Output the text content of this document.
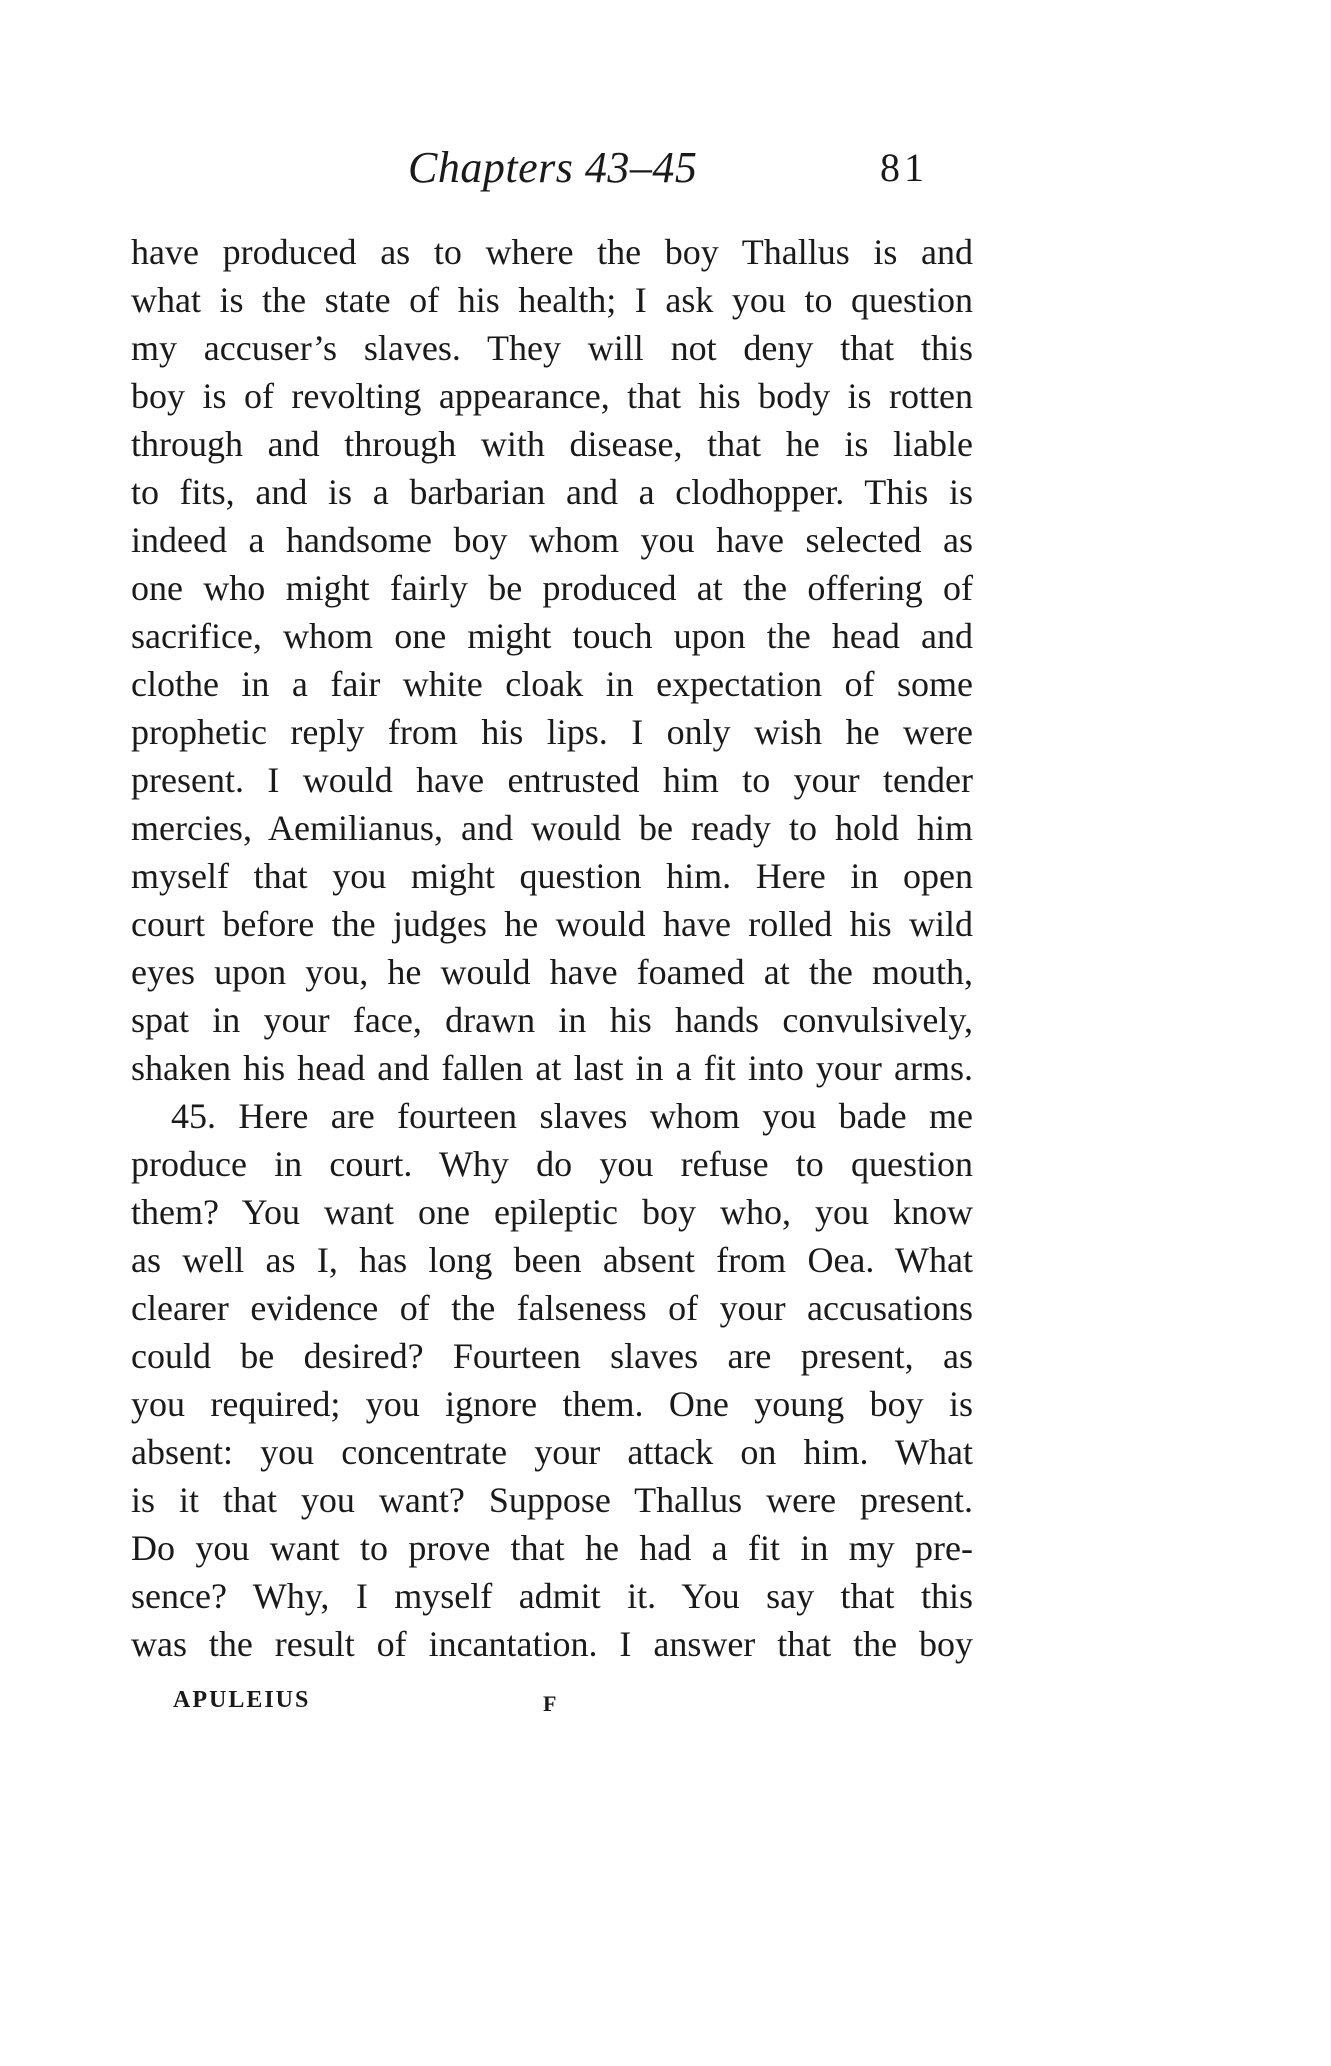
Chapters 43–45	81
have produced as to where the boy Thallus is and
what is the state of his health; I ask you to question
my accuser’s slaves. They will not deny that this
boy is of revolting appearance, that his body is rotten
through and through with disease, that he is liable
to fits, and is a barbarian and a clodhopper. This is
indeed a handsome boy whom you have selected as
one who might fairly be produced at the offering of
sacrifice, whom one might touch upon the head and
clothe in a fair white cloak in expectation of some
prophetic reply from his lips. I only wish he were
present. I would have entrusted him to your tender
mercies, Aemilianus, and would be ready to hold him
myself that you might question him. Here in open
court before the judges he would have rolled his wild
eyes upon you, he would have foamed at the mouth,
spat in your face, drawn in his hands convulsively,
shaken his head and fallen at last in a fit into your arms.
45. Here are fourteen slaves whom you bade me
produce in court. Why do you refuse to question
them? You want one epileptic boy who, you know
as well as I, has long been absent from Oea. What
clearer evidence of the falseness of your accusations
could be desired? Fourteen slaves are present, as
you required; you ignore them. One young boy is
absent: you concentrate your attack on him. What
is it that you want? Suppose Thallus were present.
Do you want to prove that he had a fit in my pre-
sence? Why, I myself admit it. You say that this
was the result of incantation. I answer that the boy
APULEIUS	F
